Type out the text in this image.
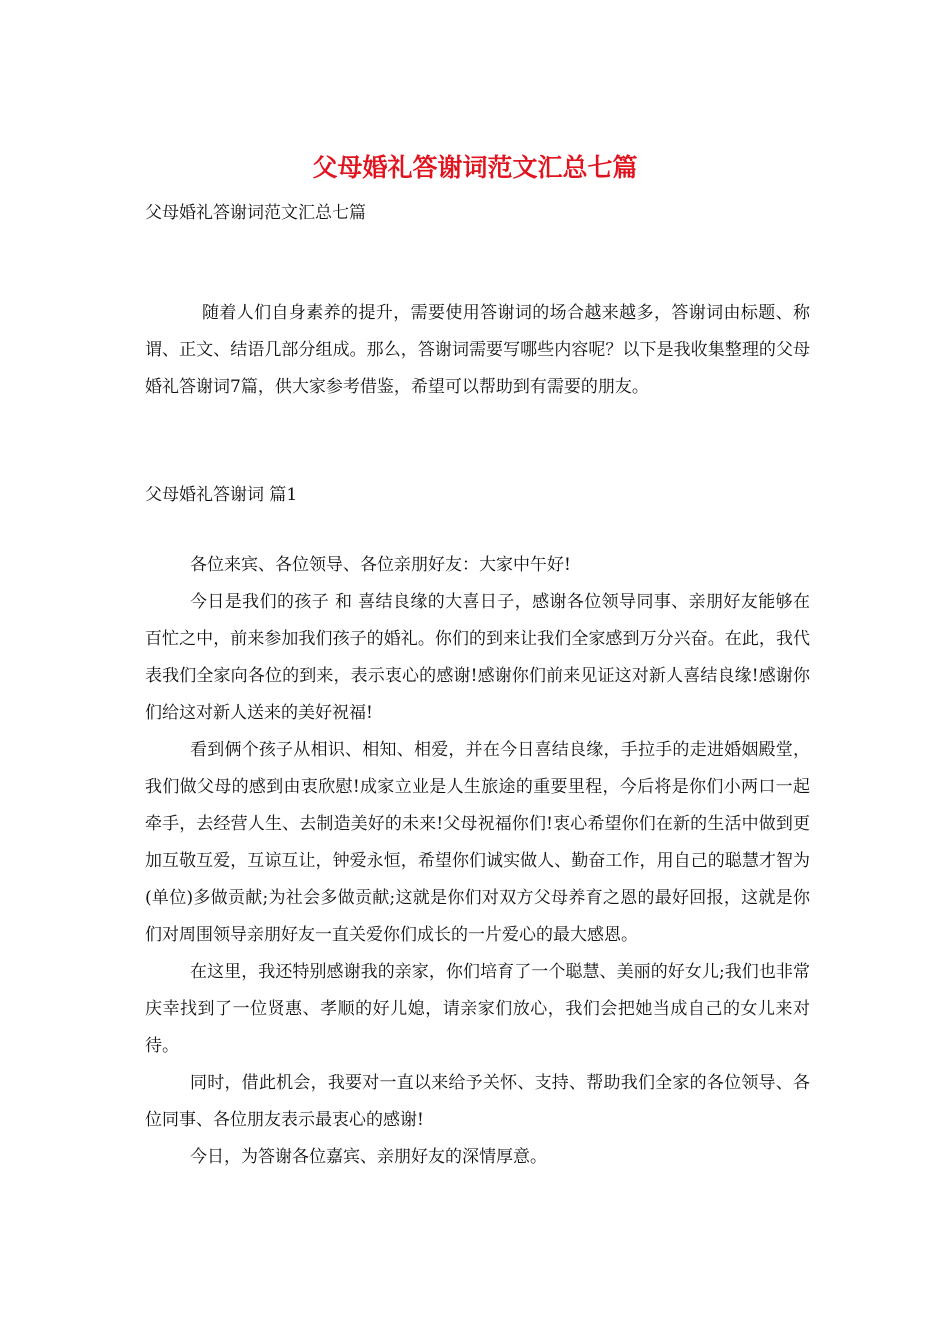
父母婚礼答谢词范文汇总七篇
父母婚礼答谢词范文汇总七篇

随着人们自身素养的提升，需要使用答谢词的场合越来越多，答谢词由标题、称谓、正文、结语几部分组成。那么，答谢词需要写哪些内容呢？以下是我收集整理的父母婚礼答谢词7篇，供大家参考借鉴，希望可以帮助到有需要的朋友。

父母婚礼答谢词 篇1

各位来宾、各位领导、各位亲朋好友：大家中午好!

今日是我们的孩子 和 喜结良缘的大喜日子，感谢各位领导同事、亲朋好友能够在百忙之中，前来参加我们孩子的婚礼。你们的到来让我们全家感到万分兴奋。在此，我代表我们全家向各位的到来，表示衷心的感谢!感谢你们前来见证这对新人喜结良缘!感谢你们给这对新人送来的美好祝福!

看到俩个孩子从相识、相知、相爱，并在今日喜结良缘，手拉手的走进婚姻殿堂，我们做父母的感到由衷欣慰!成家立业是人生旅途的重要里程，今后将是你们小两口一起牵手，去经营人生、去制造美好的未来!父母祝福你们!衷心希望你们在新的生活中做到更加互敬互爱，互谅互让，钟爱永恒，希望你们诚实做人、勤奋工作，用自己的聪慧才智为 (单位)多做贡献;为社会多做贡献;这就是你们对双方父母养育之恩的最好回报，这就是你们对周围领导亲朋好友一直关爱你们成长的一片爱心的最大感恩。

在这里，我还特别感谢我的亲家，你们培育了一个聪慧、美丽的好女儿;我们也非常庆幸找到了一位贤惠、孝顺的好儿媳，请亲家们放心，我们会把她当成自己的女儿来对待。

同时，借此机会，我要对一直以来给予关怀、支持、帮助我们全家的各位领导、各位同事、各位朋友表示最衷心的感谢!

今日，为答谢各位嘉宾、亲朋好友的深情厚意。
